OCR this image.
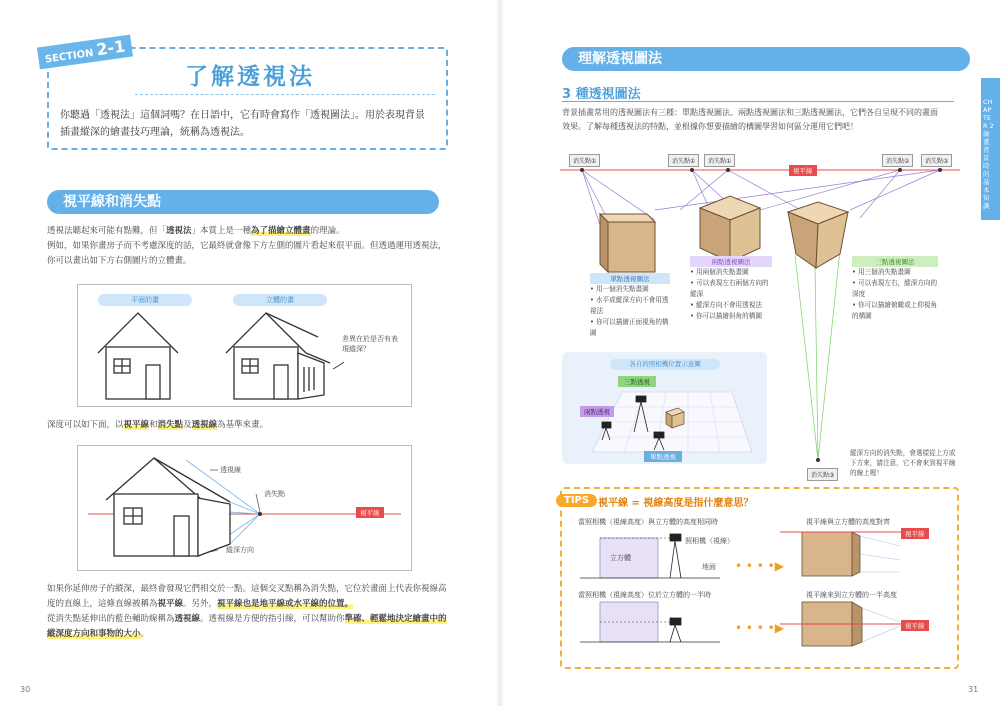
SECTION 2-1
了解透視法
你聽過「透視法」這個詞嗎？在日語中，它有時會寫作「透視圖法」。用於表現背景插畫縱深的繪畫技巧理論，統稱為透視法。
視平線和消失點
透視法聽起來可能有點難，但「透視法」本質上是一種為了描繪立體畫的理論。
例如，如果你畫房子而不考慮深度的話，它最終就會像下方左側的圖片看起來很平面。但透過運用透視法，
你可以畫出如下方右側圖片的立體畫。
平面的畫	立體的畫
差異在於是否有表現縱深？
深度可以如下面，以視平線和消失點及透視線為基準來畫。
透視線
消失點
視平線
縱深方向
如果你延伸房子的縱深，最終會發現它們相交於一點。這個交叉點稱為消失點，它位於畫面上代表你視線高
度的直線上，這條直線被稱為視平線。另外，視平線也是地平線或水平線的位置。
從消失點延伸出的藍色輔助線稱為透視線。透視線是方便的指引線，可以幫助你準確、輕鬆地決定繪畫中的
縱深度方向和事物的大小。
30
理解透視圖法
3 種透視圖法
背景插畫常用的透視圖法有三種：單點透視圖法、兩點透視圖法和三點透視圖法，它們各自呈現不同的畫面
效果。了解每種透視法的特點，並根據你想要描繪的構圖學習如何區分運用它們吧！
CHAPTER 2 繪畫背景時的基本知識
消失點①	消失點①	消失點①	消失點②	消失點②
視平線
單點透視圖法
• 用一個消失點畫圖
• 水平或縱深方向不會用透視法
• 你可以描繪正面視角的構圖
兩點透視圖法
• 用兩個消失點畫圖
• 可以表現左右兩個方向的縱深
• 縱深方向不會用透視法
• 你可以描繪斜角的構圖
三點透視圖法
• 用三個消失點畫圖
• 可以表現左右，縱深方向的深度
• 你可以描繪俯瞰或上仰視角的構圖
各自的照相機位置示意圖
三點透視
兩點透視
單點透視
消失點③
縱深方向的消失點，會選樣從上方或下方來，請注意，它不會來到視平線的線上喔！
TIPS 視平線 = 視線高度是指什麼意思？
當照相機（視線高度）與立方體的高度相同時	視平線與立方體的高度對齊
當照相機（視線高度）位於立方體的一半時	視平線來到立方體的一半高度
• • • •▶
• • • •▶
照相機（視線）
立方體
地面
視平線
視平線
31
